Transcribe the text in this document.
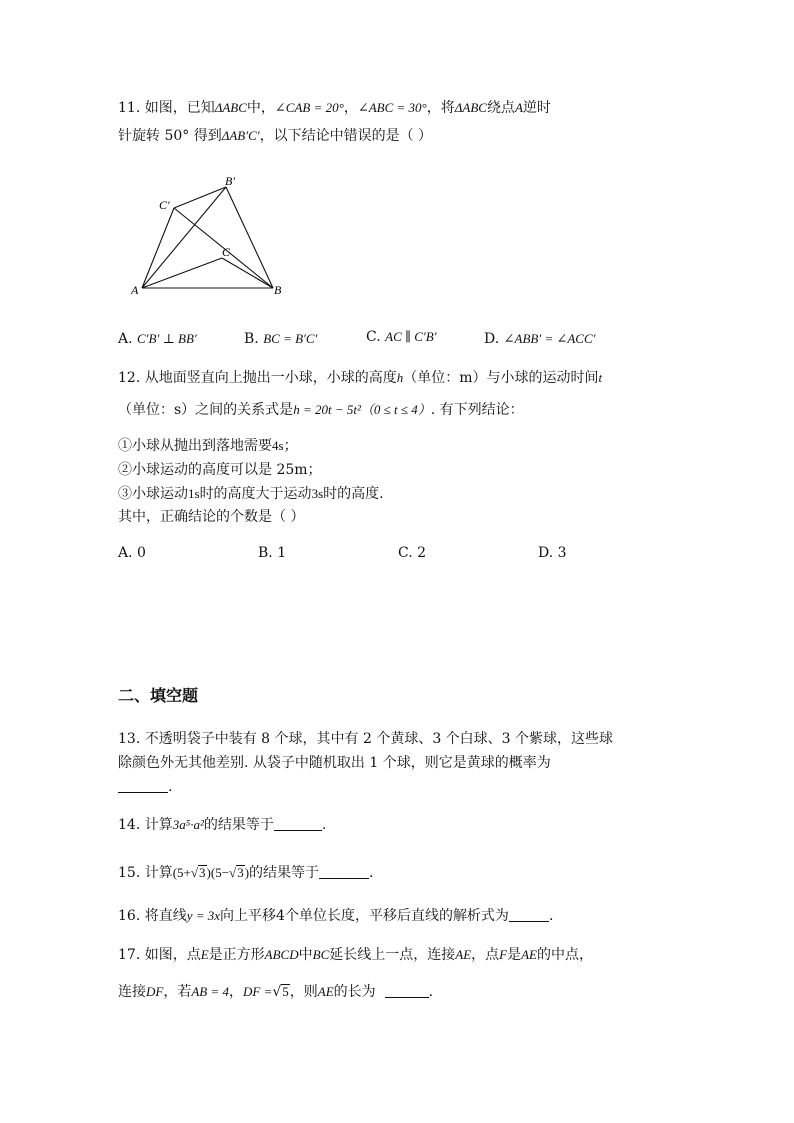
11. 如图，已知ΔABC中，∠CAB = 20°，∠ABC = 30°，将ΔABC绕点A逆时
针旋转 50° 得到ΔAB′C′，以下结论中错误的是（ ）
A	B
C
B′
C′
A. C′B′ ⊥ BB′	B. BC = B′C′	C. AC ∥ C′B′	D. ∠ABB′ = ∠ACC′
12. 从地面竖直向上抛出一小球，小球的高度h（单位：m）与小球的运动时间t
（单位：s）之间的关系式是h = 20t − 5t²（0 ≤ t ≤ 4）. 有下列结论：
①小球从抛出到落地需要4s；
②小球运动的高度可以是 25m；
③小球运动1s时的高度大于运动3s时的高度.
其中，正确结论的个数是（ ）
A. 0	B. 1	C. 2	D. 3
二、填空题
13. 不透明袋子中装有 8 个球，其中有 2 个黄球、3 个白球、3 个紫球，这些球
除颜色外无其他差别. 从袋子中随机取出 1 个球，则它是黄球的概率为
.
14. 计算3a⁵·a²的结果等于	.
15. 计算(5+√3)(5−√3)的结果等于	.
16. 将直线y = 3x向上平移4个单位长度，平移后直线的解析式为	.
17. 如图，点E是正方形ABCD中BC延长线上一点，连接AE，点F是AE的中点，
连接DF，若AB = 4，DF =√5，则AE的长为	.
